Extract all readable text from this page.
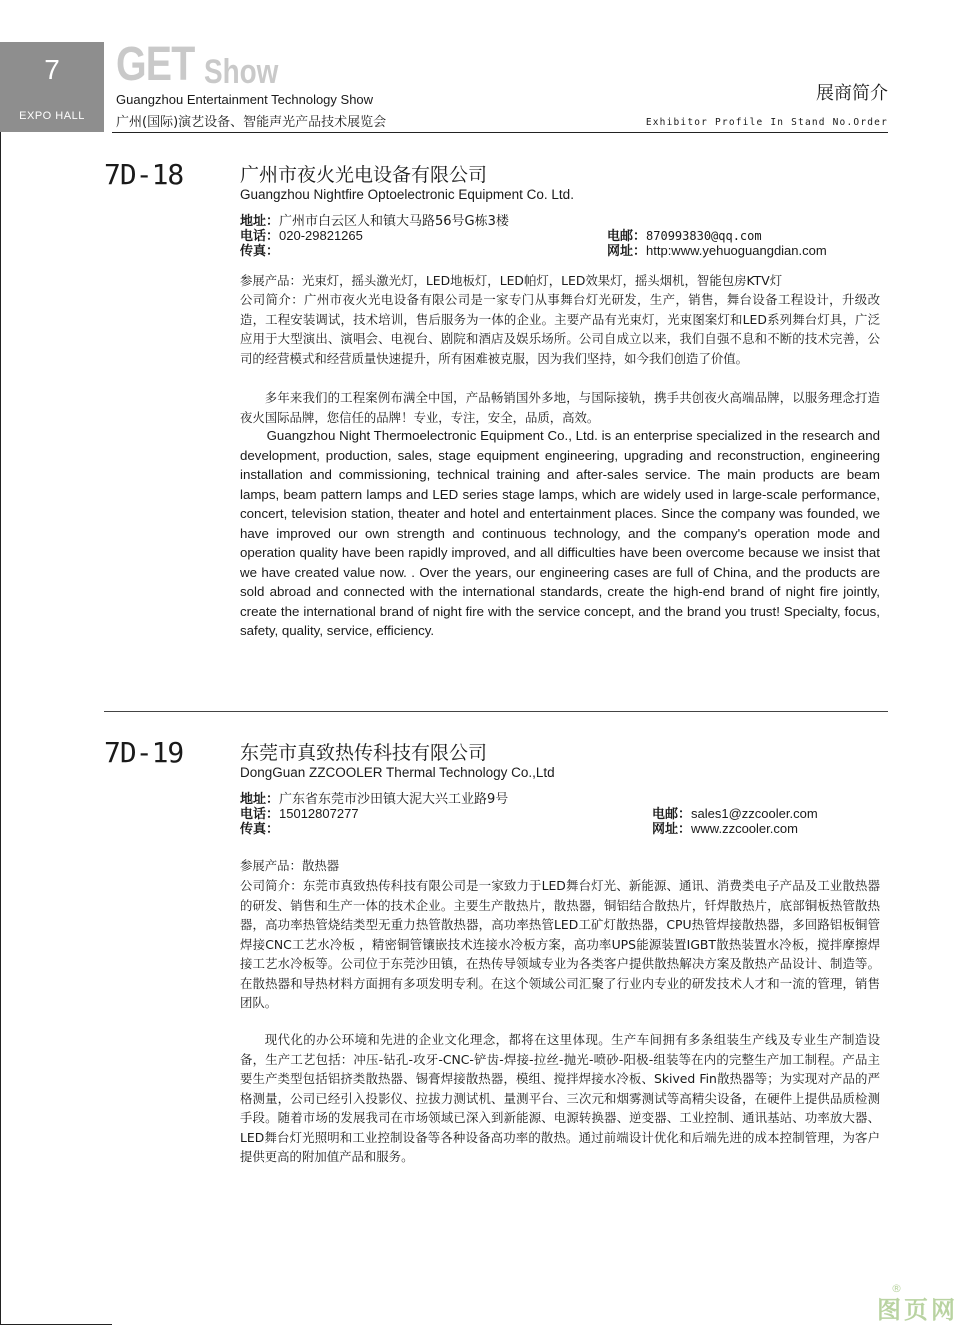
7
EXPO HALL
GET Show
Guangzhou Entertainment Technology Show
广州(国际)演艺设备、智能声光产品技术展览会
展商简介
Exhibitor Profile In Stand No.Order
7D-18	广州市夜火光电设备有限公司
Guangzhou Nightfire Optoelectronic Equipment Co. Ltd.
地址：广州市白云区人和镇大马路56号G栋3楼
电话：020-29821265
传真：
电邮：870993830@qq.com
网址：http:www.yehuoguangdian.com

参展产品：光束灯，摇头激光灯，LED地板灯，LED帕灯，LED效果灯，摇头烟机，智能包房KTV灯

公司简介：广州市夜火光电设备有限公司是一家专门从事舞台灯光研发，生产，销售，舞台设备工程设计，升级改造，工程安装调试，技术培训，售后服务为一体的企业。主要产品有光束灯，光束图案灯和LED系列舞台灯具，广泛应用于大型演出、演唱会、电视台、剧院和酒店及娱乐场所。公司自成立以来，我们自强不息和不断的技术完善，公司的经营模式和经营质量快速提升，所有困难被克服，因为我们坚持，如今我们创造了价值。

多年来我们的工程案例布满全中国，产品畅销国外多地，与国际接轨，携手共创夜火高端品牌，以服务理念打造夜火国际品牌，您信任的品牌！专业，专注，安全，品质，高效。

Guangzhou Night Thermoelectronic Equipment Co., Ltd. is an enterprise specialized in the research and development, production, sales, stage equipment engineering, upgrading and reconstruction, engineering installation and commissioning, technical training and after-sales service. The main products are beam lamps, beam pattern lamps and LED series stage lamps, which are widely used in large-scale performance, concert, television station, theater and hotel and entertainment places. Since the company was founded, we have improved our own strength and continuous technology, and the company's operation mode and operation quality have been rapidly improved, and all difficulties have been overcome because we insist that we have created value now. . Over the years, our engineering cases are full of China, and the products are sold abroad and connected with the international standards, create the high-end brand of night fire jointly, create the international brand of night fire with the service concept, and the brand you trust! Specialty, focus, safety, quality, service, efficiency.

7D-19	东莞市真致热传科技有限公司
DongGuan ZZCOOLER Thermal Technology Co.,Ltd
地址：广东省东莞市沙田镇大泥大兴工业路9号
电话：15012807277
传真：
电邮：sales1@zzcooler.com
网址：www.zzcooler.com

参展产品：散热器

公司简介：东莞市真致热传科技有限公司是一家致力于LED舞台灯光、新能源、通讯、消费类电子产品及工业散热器的研发、销售和生产一体的技术企业。主要生产散热片，散热器，铜铝结合散热片，钎焊散热片，底部铜板热管散热器，高功率热管烧结类型无重力热管散热器，高功率热管LED工矿灯散热器，CPU热管焊接散热器，多回路铝板铜管焊接CNC工艺水冷板 ，精密铜管镶嵌技术连接水冷板方案，高功率UPS能源装置IGBT散热装置水冷板，搅拌摩擦焊接工艺水冷板等。公司位于东莞沙田镇，在热传导领域专业为各类客户提供散热解决方案及散热产品设计、制造等。在散热器和导热材料方面拥有多项发明专利。在这个领域公司汇聚了行业内专业的研发技术人才和一流的管理，销售团队。

现代化的办公环境和先进的企业文化理念，都将在这里体现。生产车间拥有多条组装生产线及专业生产制造设备，生产工艺包括：冲压-钻孔-攻牙-CNC-铲齿-焊接-拉丝-抛光-喷砂-阳极-组装等在内的完整生产加工制程。产品主要生产类型包括铝挤类散热器、锡膏焊接散热器，模组、搅拌焊接水冷板、Skived Fin散热器等；为实现对产品的严格测量，公司已经引入投影仪、拉拔力测试机、量测平台、三次元和烟雾测试等高精尖设备，在硬件上提供品质检测手段。随着市场的发展我司在市场领域已深入到新能源、电源转换器、逆变器、工业控制、通讯基站、功率放大器、LED舞台灯光照明和工业控制设备等各种设备高功率的散热。通过前端设计优化和后端先进的成本控制管理，为客户提供更高的附加值产品和服务。

®
图页网
